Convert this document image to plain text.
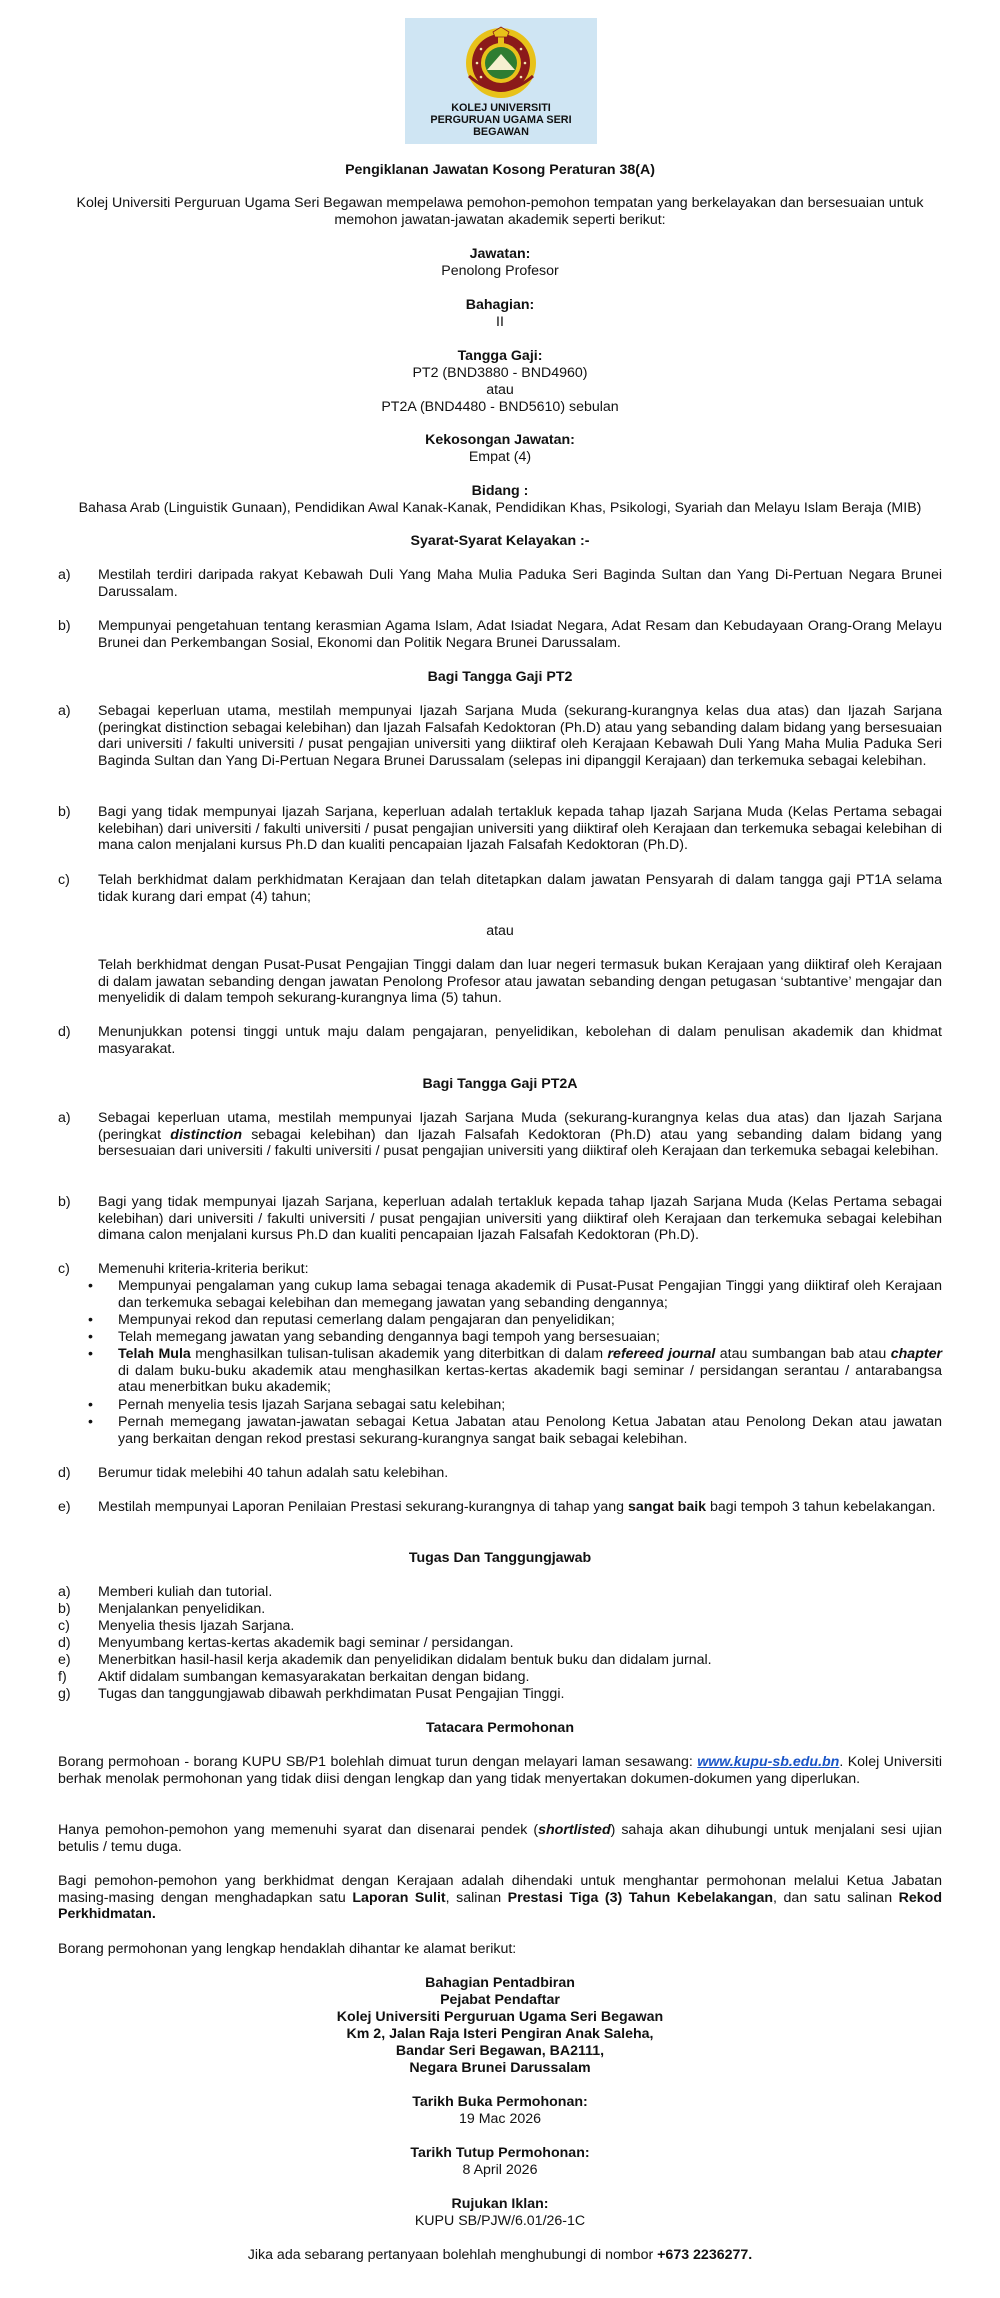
KOLEJ UNIVERSITI
PERGURUAN UGAMA SERI
BEGAWAN
Pengiklanan Jawatan Kosong Peraturan 38(A)
Kolej Universiti Perguruan Ugama Seri Begawan mempelawa pemohon-pemohon tempatan yang berkelayakan dan bersesuaian untuk
memohon jawatan-jawatan akademik seperti berikut:
Jawatan:
Penolong Profesor
Bahagian:
II
Tangga Gaji:
PT2 (BND3880 - BND4960)
atau
PT2A (BND4480 - BND5610) sebulan
Kekosongan Jawatan:
Empat (4)
Bidang :
Bahasa Arab (Linguistik Gunaan), Pendidikan Awal Kanak-Kanak, Pendidikan Khas, Psikologi, Syariah dan Melayu Islam Beraja (MIB)
Syarat-Syarat Kelayakan :-
a)	Mestilah terdiri daripada rakyat Kebawah Duli Yang Maha Mulia Paduka Seri Baginda Sultan dan Yang Di-Pertuan Negara Brunei Darussalam.
b)	Mempunyai pengetahuan tentang kerasmian Agama Islam, Adat Isiadat Negara, Adat Resam dan Kebudayaan Orang-Orang Melayu Brunei dan Perkembangan Sosial, Ekonomi dan Politik Negara Brunei Darussalam.
Bagi Tangga Gaji PT2
a)	Sebagai keperluan utama, mestilah mempunyai Ijazah Sarjana Muda (sekurang-kurangnya kelas dua atas) dan Ijazah Sarjana (peringkat distinction sebagai kelebihan) dan Ijazah Falsafah Kedoktoran (Ph.D) atau yang sebanding dalam bidang yang bersesuaian dari universiti / fakulti universiti / pusat pengajian universiti yang diiktiraf oleh Kerajaan Kebawah Duli Yang Maha Mulia Paduka Seri Baginda Sultan dan Yang Di-Pertuan Negara Brunei Darussalam (selepas ini dipanggil Kerajaan) dan terkemuka sebagai kelebihan.
b)	Bagi yang tidak mempunyai Ijazah Sarjana, keperluan adalah tertakluk kepada tahap Ijazah Sarjana Muda (Kelas Pertama sebagai kelebihan) dari universiti / fakulti universiti / pusat pengajian universiti yang diiktiraf oleh Kerajaan dan terkemuka sebagai kelebihan di mana calon menjalani kursus Ph.D dan kualiti pencapaian Ijazah Falsafah Kedoktoran (Ph.D).
c)	Telah berkhidmat dalam perkhidmatan Kerajaan dan telah ditetapkan dalam jawatan Pensyarah di dalam tangga gaji PT1A selama tidak kurang dari empat (4) tahun;
atau
Telah berkhidmat dengan Pusat-Pusat Pengajian Tinggi dalam dan luar negeri termasuk bukan Kerajaan yang diiktiraf oleh Kerajaan di dalam jawatan sebanding dengan jawatan Penolong Profesor atau jawatan sebanding dengan petugasan ‘subtantive’ mengajar dan menyelidik di dalam tempoh sekurang-kurangnya lima (5) tahun.
d)	Menunjukkan potensi tinggi untuk maju dalam pengajaran, penyelidikan, kebolehan di dalam penulisan akademik dan khidmat masyarakat.
Bagi Tangga Gaji PT2A
a)	Sebagai keperluan utama, mestilah mempunyai Ijazah Sarjana Muda (sekurang-kurangnya kelas dua atas) dan Ijazah Sarjana (peringkat distinction sebagai kelebihan) dan Ijazah Falsafah Kedoktoran (Ph.D) atau yang sebanding dalam bidang yang bersesuaian dari universiti / fakulti universiti / pusat pengajian universiti yang diiktiraf oleh Kerajaan dan terkemuka sebagai kelebihan.
b)	Bagi yang tidak mempunyai Ijazah Sarjana, keperluan adalah tertakluk kepada tahap Ijazah Sarjana Muda (Kelas Pertama sebagai kelebihan) dari universiti / fakulti universiti / pusat pengajian universiti yang diiktiraf oleh Kerajaan dan terkemuka sebagai kelebihan dimana calon menjalani kursus Ph.D dan kualiti pencapaian Ijazah Falsafah Kedoktoran (Ph.D).
c)	Memenuhi kriteria-kriteria berikut:
• Mempunyai pengalaman yang cukup lama sebagai tenaga akademik di Pusat-Pusat Pengajian Tinggi yang diiktiraf oleh Kerajaan dan terkemuka sebagai kelebihan dan memegang jawatan yang sebanding dengannya;
• Mempunyai rekod dan reputasi cemerlang dalam pengajaran dan penyelidikan;
• Telah memegang jawatan yang sebanding dengannya bagi tempoh yang bersesuaian;
• Telah Mula menghasilkan tulisan-tulisan akademik yang diterbitkan di dalam refereed journal atau sumbangan bab atau chapter di dalam buku-buku akademik atau menghasilkan kertas-kertas akademik bagi seminar / persidangan serantau / antarabangsa atau menerbitkan buku akademik;
• Pernah menyelia tesis Ijazah Sarjana sebagai satu kelebihan;
• Pernah memegang jawatan-jawatan sebagai Ketua Jabatan atau Penolong Ketua Jabatan atau Penolong Dekan atau jawatan yang berkaitan dengan rekod prestasi sekurang-kurangnya sangat baik sebagai kelebihan.
d)	Berumur tidak melebihi 40 tahun adalah satu kelebihan.
e)	Mestilah mempunyai Laporan Penilaian Prestasi sekurang-kurangnya di tahap yang sangat baik bagi tempoh 3 tahun kebelakangan.
Tugas Dan Tanggungjawab
a) Memberi kuliah dan tutorial.
b) Menjalankan penyelidikan.
c) Menyelia thesis Ijazah Sarjana.
d) Menyumbang kertas-kertas akademik bagi seminar / persidangan.
e) Menerbitkan hasil-hasil kerja akademik dan penyelidikan didalam bentuk buku dan didalam jurnal.
f) Aktif didalam sumbangan kemasyarakatan berkaitan dengan bidang.
g) Tugas dan tanggungjawab dibawah perkhdimatan Pusat Pengajian Tinggi.
Tatacara Permohonan
Borang permohoan - borang KUPU SB/P1 bolehlah dimuat turun dengan melayari laman sesawang: www.kupu-sb.edu.bn. Kolej Universiti berhak menolak permohonan yang tidak diisi dengan lengkap dan yang tidak menyertakan dokumen-dokumen yang diperlukan.
Hanya pemohon-pemohon yang memenuhi syarat dan disenarai pendek (shortlisted) sahaja akan dihubungi untuk menjalani sesi ujian betulis / temu duga.
Bagi pemohon-pemohon yang berkhidmat dengan Kerajaan adalah dihendaki untuk menghantar permohonan melalui Ketua Jabatan masing-masing dengan menghadapkan satu Laporan Sulit, salinan Prestasi Tiga (3) Tahun Kebelakangan, dan satu salinan Rekod Perkhidmatan.
Borang permohonan yang lengkap hendaklah dihantar ke alamat berikut:
Bahagian Pentadbiran
Pejabat Pendaftar
Kolej Universiti Perguruan Ugama Seri Begawan
Km 2, Jalan Raja Isteri Pengiran Anak Saleha,
Bandar Seri Begawan, BA2111,
Negara Brunei Darussalam
Tarikh Buka Permohonan:
19 Mac 2026
Tarikh Tutup Permohonan:
8 April 2026
Rujukan Iklan:
KUPU SB/PJW/6.01/26-1C
Jika ada sebarang pertanyaan bolehlah menghubungi di nombor +673 2236277.
